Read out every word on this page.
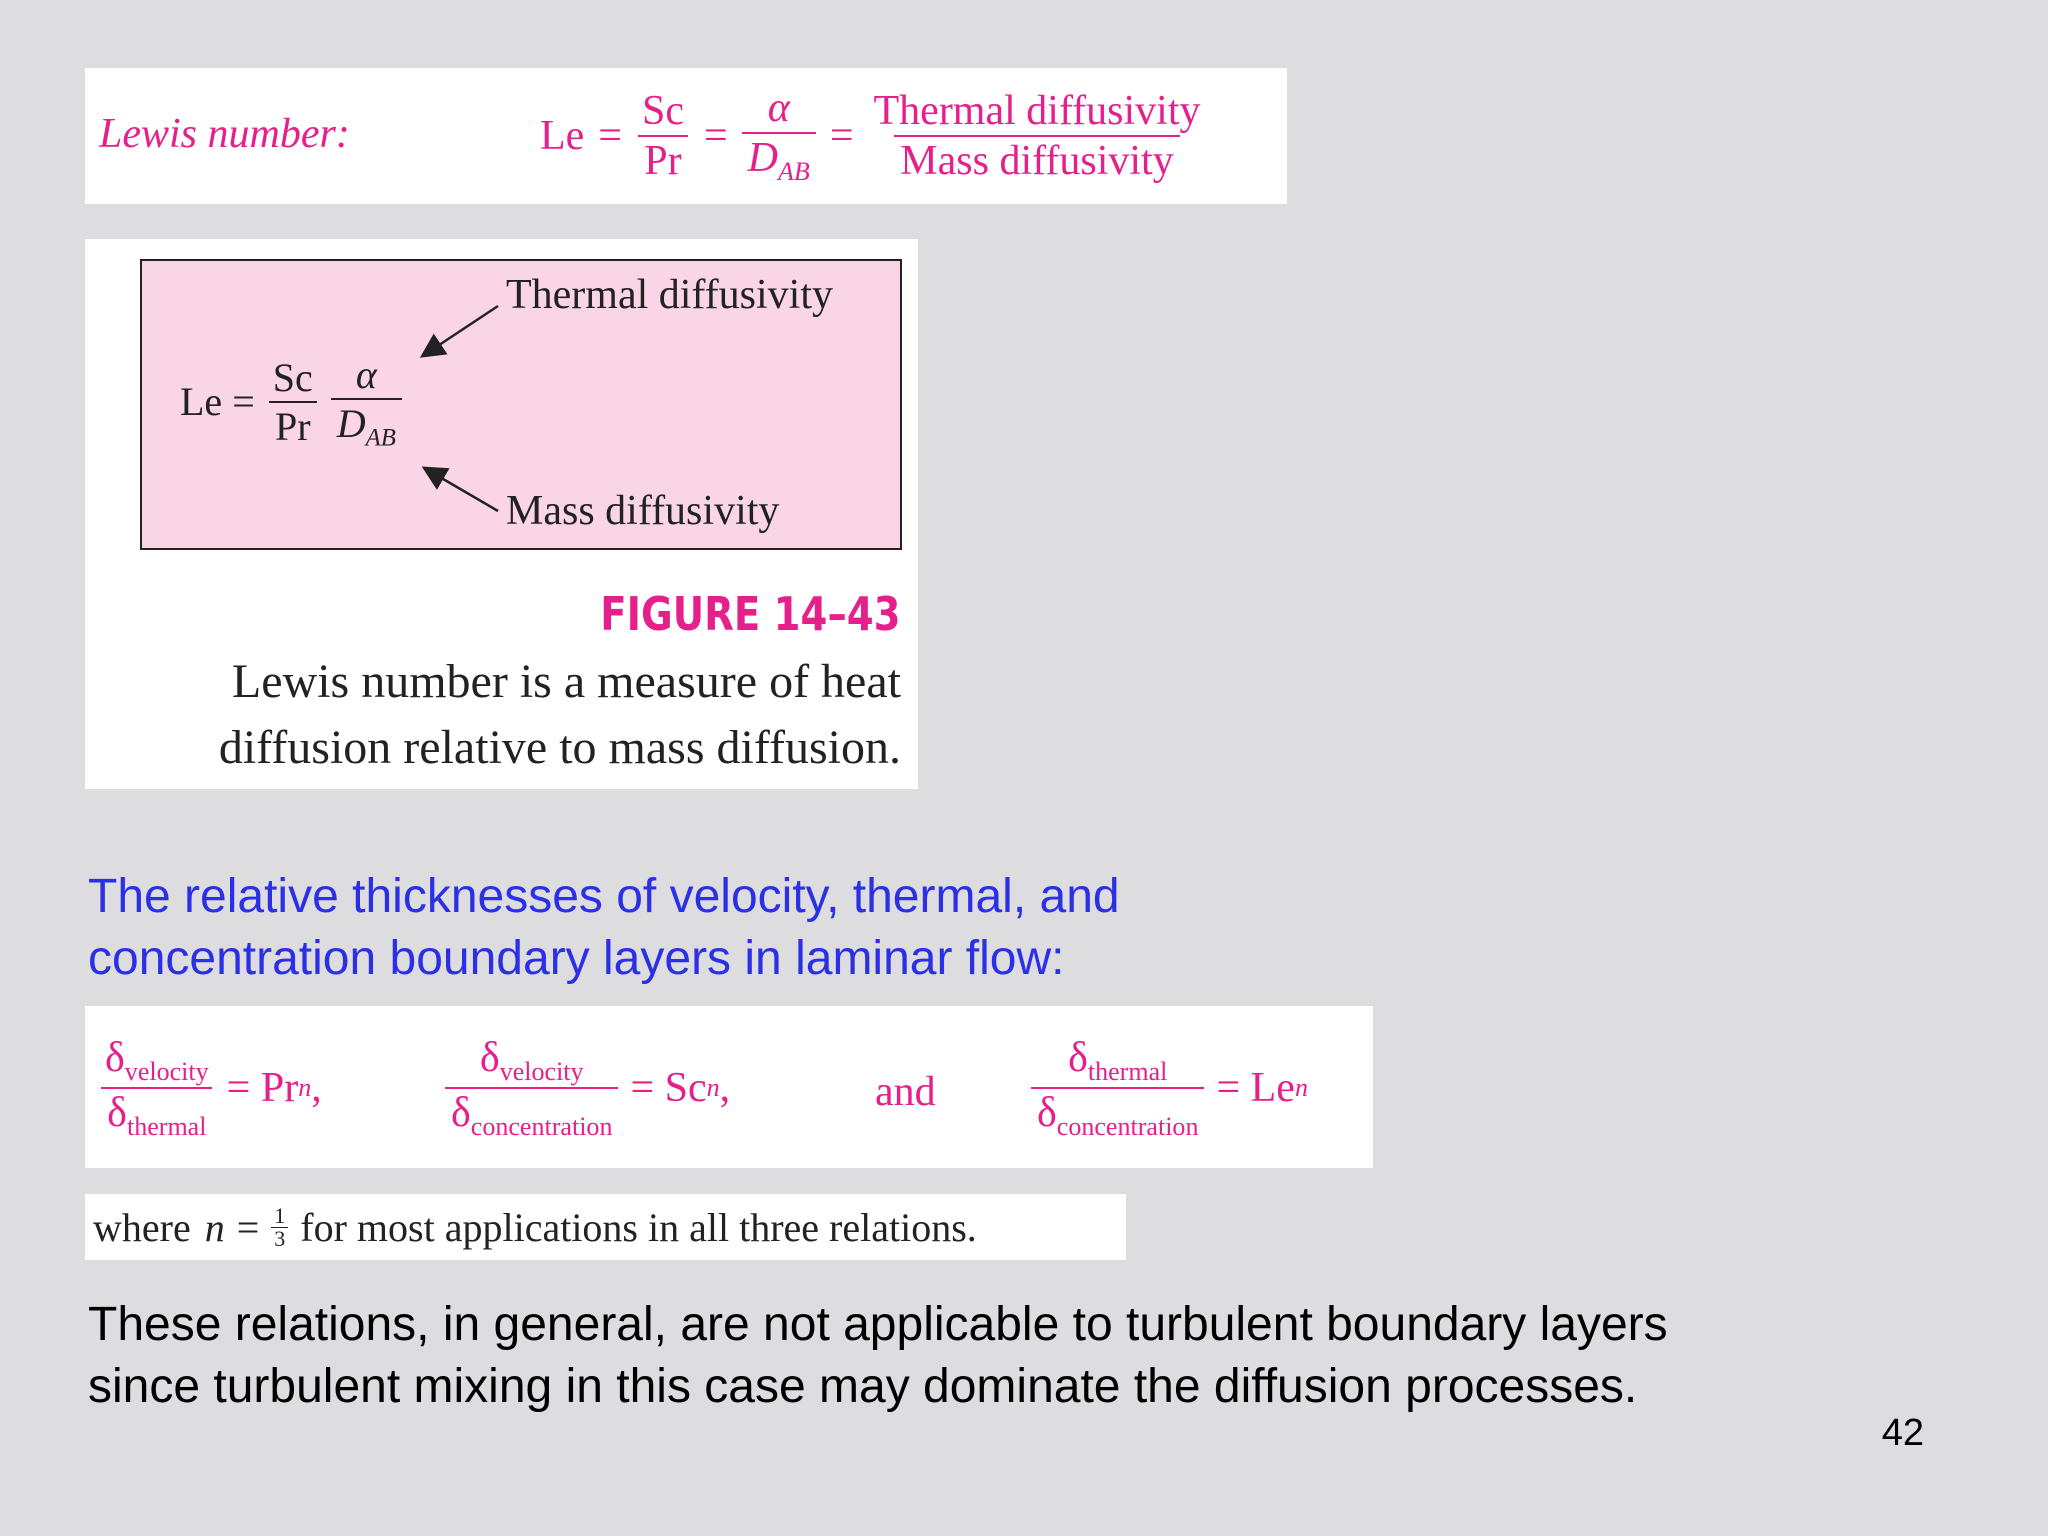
Lewis number:	$Le = \frac{Sc}{Pr} = \frac{\alpha}{D_{AB}} = \frac{\text{Thermal diffusivity}}{\text{Mass diffusivity}}$
$Le = \frac{Sc}{Pr} \frac{\alpha}{D_{AB}}$
Thermal diffusivity
Mass diffusivity
FIGURE 14–43
Lewis number is a measure of heat
diffusion relative to mass diffusion.
The relative thicknesses of velocity, thermal, and
concentration boundary layers in laminar flow:
$\frac{\delta_{velocity}}{\delta_{thermal}} = Pr$ n ,	$\frac{\delta_{velocity}}{\delta_{concentration}} = Sc$ n ,	and $\frac{\delta_{thermal}}{\delta_{concentration}} = Le$ n
where $n = \frac{1}{3}$ for most applications in all three relations.
These relations, in general, are not applicable to turbulent boundary layers
since turbulent mixing in this case may dominate the diffusion processes.
42
